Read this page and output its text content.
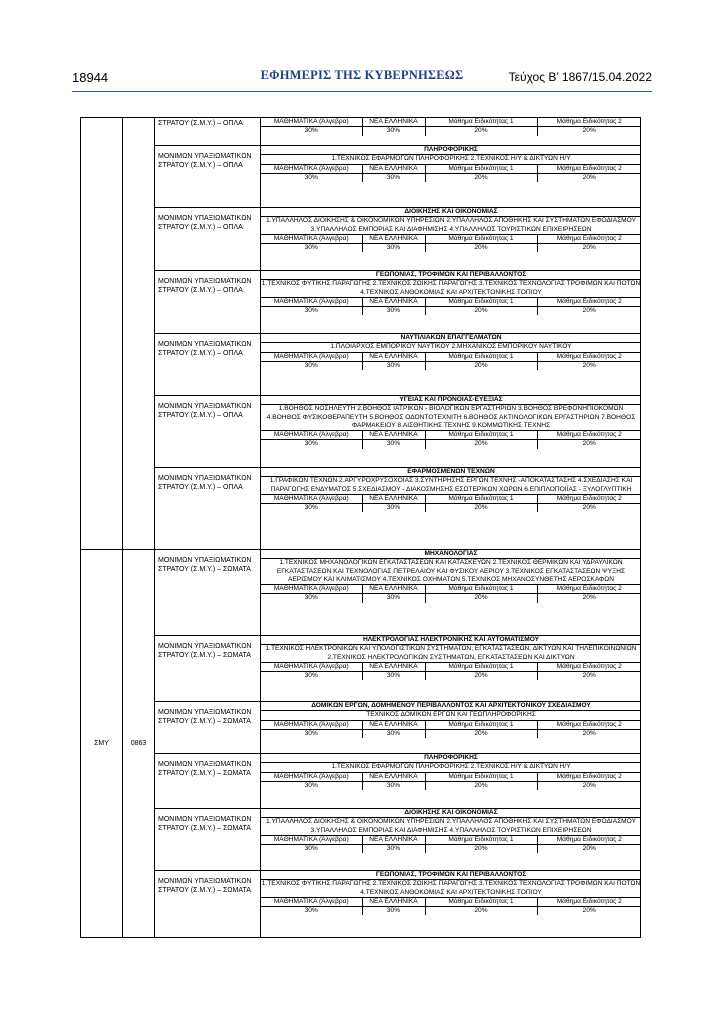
18944	ΕΦΗΜΕΡΙΣ ΤΗΣ ΚΥΒΕΡΝΗΣΕΩΣ	Τεύχος Β’ 1867/15.04.2022

ΣΤΡΑΤΟΥ (Σ.Μ.Υ.) – ΟΠΛΑ
		ΜΑΘΗΜΑΤΙΚΑ (Άλγεβρα)	ΝΕΑ ΕΛΛΗΝΙΚΑ	Μάθημα Ειδικότητας 1	Μάθημα Ειδικότητας 2
30%	30%	20%	20%

ΜΟΝΙΜΩΝ ΥΠΑΞΙΩΜΑΤΙΚΩΝ ΣΤΡΑΤΟΥ (Σ.Μ.Υ.) – ΟΠΛΑ

ΠΛΗΡΟΦΟΡΙΚΗΣ
1.ΤΕΧΝΙΚΟΣ ΕΦΑΡΜΟΓΩΝ ΠΛΗΡΟΦΟΡΙΚΗΣ 2.ΤΕΧΝΙΚΟΣ Η/Υ & ΔΙΚΤΥΩΝ Η/Υ
ΜΑΘΗΜΑΤΙΚΑ (Άλγεβρα)	ΝΕΑ ΕΛΛΗΝΙΚΑ	Μάθημα Ειδικότητας 1	Μάθημα Ειδικότητας 2
30%	30%	20%	20%

ΜΟΝΙΜΩΝ ΥΠΑΞΙΩΜΑΤΙΚΩΝ ΣΤΡΑΤΟΥ (Σ.Μ.Υ.) – ΟΠΛΑ

ΔΙΟΙΚΗΣΗΣ ΚΑΙ ΟΙΚΟΝΟΜΙΑΣ
1.ΥΠΑΛΛΗΛΟΣ ΔΙΟΙΚΗΣΗΣ & ΟΙΚΟΝΟΜΙΚΩΝ ΥΠΗΡΕΣΙΩΝ 2.ΥΠΑΛΛΗΛΟΣ ΑΠΟΘΗΚΗΣ ΚΑΙ ΣΥΣΤΗΜΑΤΩΝ ΕΦΟΔΙΑΣΜΟΥ 3.ΥΠΑΛΛΗΛΟΣ ΕΜΠΟΡΙΑΣ ΚΑΙ ΔΙΑΦΗΜΙΣΗΣ 4.ΥΠΑΛΛΗΛΟΣ ΤΟΥΡΙΣΤΙΚΩΝ ΕΠΙΧΕΙΡΗΣΕΩΝ
ΜΑΘΗΜΑΤΙΚΑ (Άλγεβρα)	ΝΕΑ ΕΛΛΗΝΙΚΑ	Μάθημα Ειδικότητας 1	Μάθημα Ειδικότητας 2
30%	30%	20%	20%

ΜΟΝΙΜΩΝ ΥΠΑΞΙΩΜΑΤΙΚΩΝ ΣΤΡΑΤΟΥ (Σ.Μ.Υ.) – ΟΠΛΑ

ΓΕΩΠΟΝΙΑΣ, ΤΡΟΦΙΜΩΝ ΚΑΙ ΠΕΡΙΒΑΛΛΟΝΤΟΣ
1.ΤΕΧΝΙΚΟΣ ΦΥΤΙΚΗΣ ΠΑΡΑΓΩΓΗΣ 2.ΤΕΧΝΙΚΟΣ ΖΩΙΚΗΣ ΠΑΡΑΓΩΓΗΣ 3.ΤΕΧΝΙΚΟΣ ΤΕΧΝΟΛΟΓΙΑΣ ΤΡΟΦΙΜΩΝ ΚΑΙ ΠΟΤΩΝ 4.ΤΕΧΝΙΚΟΣ ΑΝΘΟΚΟΜΙΑΣ ΚΑΙ ΑΡΧΙΤΕΚΤΟΝΙΚΗΣ ΤΟΠΙΟΥ
ΜΑΘΗΜΑΤΙΚΑ (Άλγεβρα)	ΝΕΑ ΕΛΛΗΝΙΚΑ	Μάθημα Ειδικότητας 1	Μάθημα Ειδικότητας 2
30%	30%	20%	20%

ΜΟΝΙΜΩΝ ΥΠΑΞΙΩΜΑΤΙΚΩΝ ΣΤΡΑΤΟΥ (Σ.Μ.Υ.) – ΟΠΛΑ

ΝΑΥΤΙΛΙΑΚΩΝ ΕΠΑΓΓΕΛΜΑΤΩΝ
1.ΠΛΟΙΑΡΧΟΣ ΕΜΠΟΡΙΚΟΥ ΝΑΥΤΙΚΟΥ 2.ΜΗΧΑΝΙΚΟΣ ΕΜΠΟΡΙΚΟΥ ΝΑΥΤΙΚΟΥ
ΜΑΘΗΜΑΤΙΚΑ (Άλγεβρα)	ΝΕΑ ΕΛΛΗΝΙΚΑ	Μάθημα Ειδικότητας 1	Μάθημα Ειδικότητας 2
30%	30%	20%	20%

ΜΟΝΙΜΩΝ ΥΠΑΞΙΩΜΑΤΙΚΩΝ ΣΤΡΑΤΟΥ (Σ.Μ.Υ.) – ΟΠΛΑ

ΥΓΕΙΑΣ ΚΑΙ ΠΡΟΝΟΙΑΣ-ΕΥΕΞΙΑΣ
1.ΒΟΗΘΟΣ ΝΟΣΗΛΕΥΤΗ 2.ΒΟΗΘΟΣ ΙΑΤΡΙΚΩΝ - ΒΙΟΛΟΓΙΚΩΝ ΕΡΓΑΣΤΗΡΙΩΝ 3.ΒΟΗΘΟΣ ΒΡΕΦΟΝΗΠΙΟΚΟΜΩΝ 4.ΒΟΗΘΟΣ ΦΥΣΙΚΟΘΕΡΑΠΕΥΤΗ 5.ΒΟΗΘΟΣ ΟΔΟΝΤΟΤΕΧΝΙΤΗ 6.ΒΟΗΘΟΣ ΑΚΤΙΝΟΛΟΓΙΚΩΝ ΕΡΓΑΣΤΗΡΙΩΝ 7.ΒΟΗΘΟΣ ΦΑΡΜΑΚΕΙΟΥ 8.ΑΙΣΘΗΤΙΚΗΣ ΤΕΧΝΗΣ 9.ΚΟΜΜΩΤΙΚΗΣ ΤΕΧΝΗΣ
ΜΑΘΗΜΑΤΙΚΑ (Άλγεβρα)	ΝΕΑ ΕΛΛΗΝΙΚΑ	Μάθημα Ειδικότητας 1	Μάθημα Ειδικότητας 2
30%	30%	20%	20%

ΜΟΝΙΜΩΝ ΥΠΑΞΙΩΜΑΤΙΚΩΝ ΣΤΡΑΤΟΥ (Σ.Μ.Υ.) – ΟΠΛΑ

ΕΦΑΡΜΟΣΜΕΝΩΝ ΤΕΧΝΩΝ
1.ΓΡΑΦΙΚΩΝ ΤΕΧΝΩΝ 2.ΑΡΓΥΡΟΧΡΥΣΟΧΟΪΑΣ 3.ΣΥΝΤΗΡΗΣΗΣ ΕΡΓΩΝ ΤΕΧΝΗΣ -ΑΠΟΚΑΤΑΣΤΑΣΗΣ 4.ΣΧΕΔΙΑΣΗΣ ΚΑΙ ΠΑΡΑΓΩΓΗΣ ΕΝΔΥΜΑΤΟΣ 5.ΣΧΕΔΙΑΣΜΟΥ - ΔΙΑΚΟΣΜΗΣΗΣ ΕΣΩΤΕΡΙΚΩΝ ΧΩΡΩΝ 6.ΕΠΙΠΛΟΠΟΙΪΑΣ - ΞΥΛΟΓΛΥΠΤΙΚΗ
ΜΑΘΗΜΑΤΙΚΑ (Άλγεβρα)	ΝΕΑ ΕΛΛΗΝΙΚΑ	Μάθημα Ειδικότητας 1	Μάθημα Ειδικότητας 2
30%	30%	20%	20%

ΣΜΥ	0863	
ΜΟΝΙΜΩΝ ΥΠΑΞΙΩΜΑΤΙΚΩΝ ΣΤΡΑΤΟΥ (Σ.Μ.Υ.) – ΣΩΜΑΤΑ

ΜΗΧΑΝΟΛΟΓΙΑΣ
1.ΤΕΧΝΙΚΟΣ ΜΗΧΑΝΟΛΟΓΙΚΩΝ ΕΓΚΑΤΑΣΤΑΣΕΩΝ ΚΑΙ ΚΑΤΑΣΚΕΥΩΝ 2.ΤΕΧΝΙΚΟΣ ΘΕΡΜΙΚΩΝ ΚΑΙ ΥΔΡΑΥΛΙΚΩΝ ΕΓΚΑΤΑΣΤΑΣΕΩΝ ΚΑΙ ΤΕΧΝΟΛΟΓΙΑΣ ΠΕΤΡΕΛΑΙΟΥ ΚΑΙ ΦΥΣΙΚΟΥ ΑΕΡΙΟΥ 3.ΤΕΧΝΙΚΟΣ ΕΓΚΑΤΑΣΤΑΣΕΩΝ ΨΥΞΗΣ ΑΕΡΙΣΜΟΥ ΚΑΙ ΚΛΙΜΑΤΙΣΜΟΥ 4.ΤΕΧΝΙΚΟΣ ΟΧΗΜΑΤΩΝ 5.ΤΕΧΝΙΚΟΣ ΜΗΧΑΝΟΣΥΝΘΕΤΗΣ ΑΕΡΟΣΚΑΦΩΝ
ΜΑΘΗΜΑΤΙΚΑ (Άλγεβρα)	ΝΕΑ ΕΛΛΗΝΙΚΑ	Μάθημα Ειδικότητας 1	Μάθημα Ειδικότητας 2
30%	30%	20%	20%

ΜΟΝΙΜΩΝ ΥΠΑΞΙΩΜΑΤΙΚΩΝ ΣΤΡΑΤΟΥ (Σ.Μ.Υ.) – ΣΩΜΑΤΑ

ΗΛΕΚΤΡΟΛΟΓΙΑΣ ΗΛΕΚΤΡΟΝΙΚΗΣ ΚΑΙ ΑΥΤΟΜΑΤΙΣΜΟΥ
1.ΤΕΧΝΙΚΟΣ ΗΛΕΚΤΡΟΝΙΚΩΝ ΚΑΙ ΥΠΟΛΟΓΙΣΤΙΚΩΝ ΣΥΣΤΗΜΑΤΩΝ, ΕΓΚΑΤΑΣΤΑΣΕΩΝ, ΔΙΚΤΥΩΝ ΚΑΙ ΤΗΛΕΠΙΚΟΙΝΩΝΙΩΝ 2.ΤΕΧΝΙΚΟΣ ΗΛΕΚΤΡΟΛΟΓΙΚΩΝ ΣΥΣΤΗΜΑΤΩΝ, ΕΓΚΑΤΑΣΤΑΣΕΩΝ ΚΑΙ ΔΙΚΤΥΩΝ
ΜΑΘΗΜΑΤΙΚΑ (Άλγεβρα)	ΝΕΑ ΕΛΛΗΝΙΚΑ	Μάθημα Ειδικότητας 1	Μάθημα Ειδικότητας 2
30%	30%	20%	20%

ΜΟΝΙΜΩΝ ΥΠΑΞΙΩΜΑΤΙΚΩΝ ΣΤΡΑΤΟΥ (Σ.Μ.Υ.) – ΣΩΜΑΤΑ

ΔΟΜΙΚΩΝ ΕΡΓΩΝ, ΔΟΜΗΜΕΝΟΥ ΠΕΡΙΒΑΛΛΟΝΤΟΣ ΚΑΙ ΑΡΧΙΤΕΚΤΟΝΙΚΟΥ ΣΧΕΔΙΑΣΜΟΥ
ΤΕΧΝΙΚΟΣ ΔΟΜΙΚΩΝ ΕΡΓΩΝ ΚΑΙ ΓΕΩΠΛΗΡΟΦΟΡΙΚΗΣ
ΜΑΘΗΜΑΤΙΚΑ (Άλγεβρα)	ΝΕΑ ΕΛΛΗΝΙΚΑ	Μάθημα Ειδικότητας 1	Μάθημα Ειδικότητας 2
30%	30%	20%	20%

ΜΟΝΙΜΩΝ ΥΠΑΞΙΩΜΑΤΙΚΩΝ ΣΤΡΑΤΟΥ (Σ.Μ.Υ.) – ΣΩΜΑΤΑ

ΠΛΗΡΟΦΟΡΙΚΗΣ
1.ΤΕΧΝΙΚΟΣ ΕΦΑΡΜΟΓΩΝ ΠΛΗΡΟΦΟΡΙΚΗΣ 2.ΤΕΧΝΙΚΟΣ Η/Υ & ΔΙΚΤΥΩΝ Η/Υ
ΜΑΘΗΜΑΤΙΚΑ (Άλγεβρα)	ΝΕΑ ΕΛΛΗΝΙΚΑ	Μάθημα Ειδικότητας 1	Μάθημα Ειδικότητας 2
30%	30%	20%	20%

ΜΟΝΙΜΩΝ ΥΠΑΞΙΩΜΑΤΙΚΩΝ ΣΤΡΑΤΟΥ (Σ.Μ.Υ.) – ΣΩΜΑΤΑ

ΔΙΟΙΚΗΣΗΣ ΚΑΙ ΟΙΚΟΝΟΜΙΑΣ
1.ΥΠΑΛΛΗΛΟΣ ΔΙΟΙΚΗΣΗΣ & ΟΙΚΟΝΟΜΙΚΩΝ ΥΠΗΡΕΣΙΩΝ 2.ΥΠΑΛΛΗΛΟΣ ΑΠΟΘΗΚΗΣ ΚΑΙ ΣΥΣΤΗΜΑΤΩΝ ΕΦΟΔΙΑΣΜΟΥ 3.ΥΠΑΛΛΗΛΟΣ ΕΜΠΟΡΙΑΣ ΚΑΙ ΔΙΑΦΗΜΙΣΗΣ 4.ΥΠΑΛΛΗΛΟΣ ΤΟΥΡΙΣΤΙΚΩΝ ΕΠΙΧΕΙΡΗΣΕΩΝ
ΜΑΘΗΜΑΤΙΚΑ (Άλγεβρα)	ΝΕΑ ΕΛΛΗΝΙΚΑ	Μάθημα Ειδικότητας 1	Μάθημα Ειδικότητας 2
30%	30%	20%	20%

ΜΟΝΙΜΩΝ ΥΠΑΞΙΩΜΑΤΙΚΩΝ ΣΤΡΑΤΟΥ (Σ.Μ.Υ.) – ΣΩΜΑΤΑ

ΓΕΩΠΟΝΙΑΣ, ΤΡΟΦΙΜΩΝ ΚΑΙ ΠΕΡΙΒΑΛΛΟΝΤΟΣ
1.ΤΕΧΝΙΚΟΣ ΦΥΤΙΚΗΣ ΠΑΡΑΓΩΓΗΣ 2.ΤΕΧΝΙΚΟΣ ΖΩΙΚΗΣ ΠΑΡΑΓΩΓΗΣ 3.ΤΕΧΝΙΚΟΣ ΤΕΧΝΟΛΟΓΙΑΣ ΤΡΟΦΙΜΩΝ ΚΑΙ ΠΟΤΩΝ 4.ΤΕΧΝΙΚΟΣ ΑΝΘΟΚΟΜΙΑΣ ΚΑΙ ΑΡΧΙΤΕΚΤΟΝΙΚΗΣ ΤΟΠΙΟΥ
ΜΑΘΗΜΑΤΙΚΑ (Άλγεβρα)	ΝΕΑ ΕΛΛΗΝΙΚΑ	Μάθημα Ειδικότητας 1	Μάθημα Ειδικότητας 2
30%	30%	20%	20%
